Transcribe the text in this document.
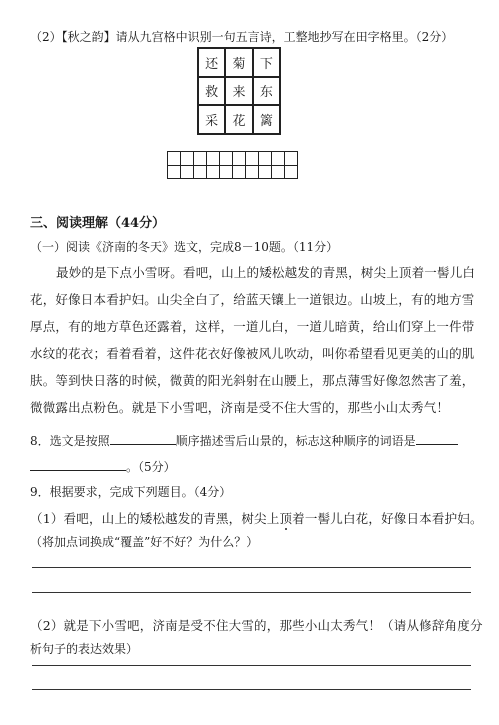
（2）【秋之韵】请从九宫格中识别一句五言诗，工整地抄写在田字格里。（2分）
还	菊	下
救	来	东
采	花	篱
三、阅读理解（44分）
（一）阅读《济南的冬天》选文，完成8－10题。（11分）
最妙的是下点小雪呀。看吧，山上的矮松越发的青黑，树尖上顶着一髻儿白
花，好像日本看护妇。山尖全白了，给蓝天镶上一道银边。山坡上，有的地方雪
厚点，有的地方草色还露着，这样，一道儿白，一道儿暗黄，给山们穿上一件带
水纹的花衣；看着看着，这件花衣好像被风儿吹动，叫你希望看见更美的山的肌
肤。等到快日落的时候，微黄的阳光斜射在山腰上，那点薄雪好像忽然害了羞，
微微露出点粉色。就是下小雪吧，济南是受不住大雪的，那些小山太秀气！
8．选文是按照	顺序描述雪后山景的，标志这种顺序的词语是
。（5分）
9．根据要求，完成下列题目。（4分）
（1）看吧，山上的矮松越发的青黑，树尖上顶着一髻儿白花，好像日本看护妇。
（将加点词换成“覆盖”好不好？为什么？）
（2）就是下小雪吧，济南是受不住大雪的，那些小山太秀气！（请从修辞角度分
析句子的表达效果）
